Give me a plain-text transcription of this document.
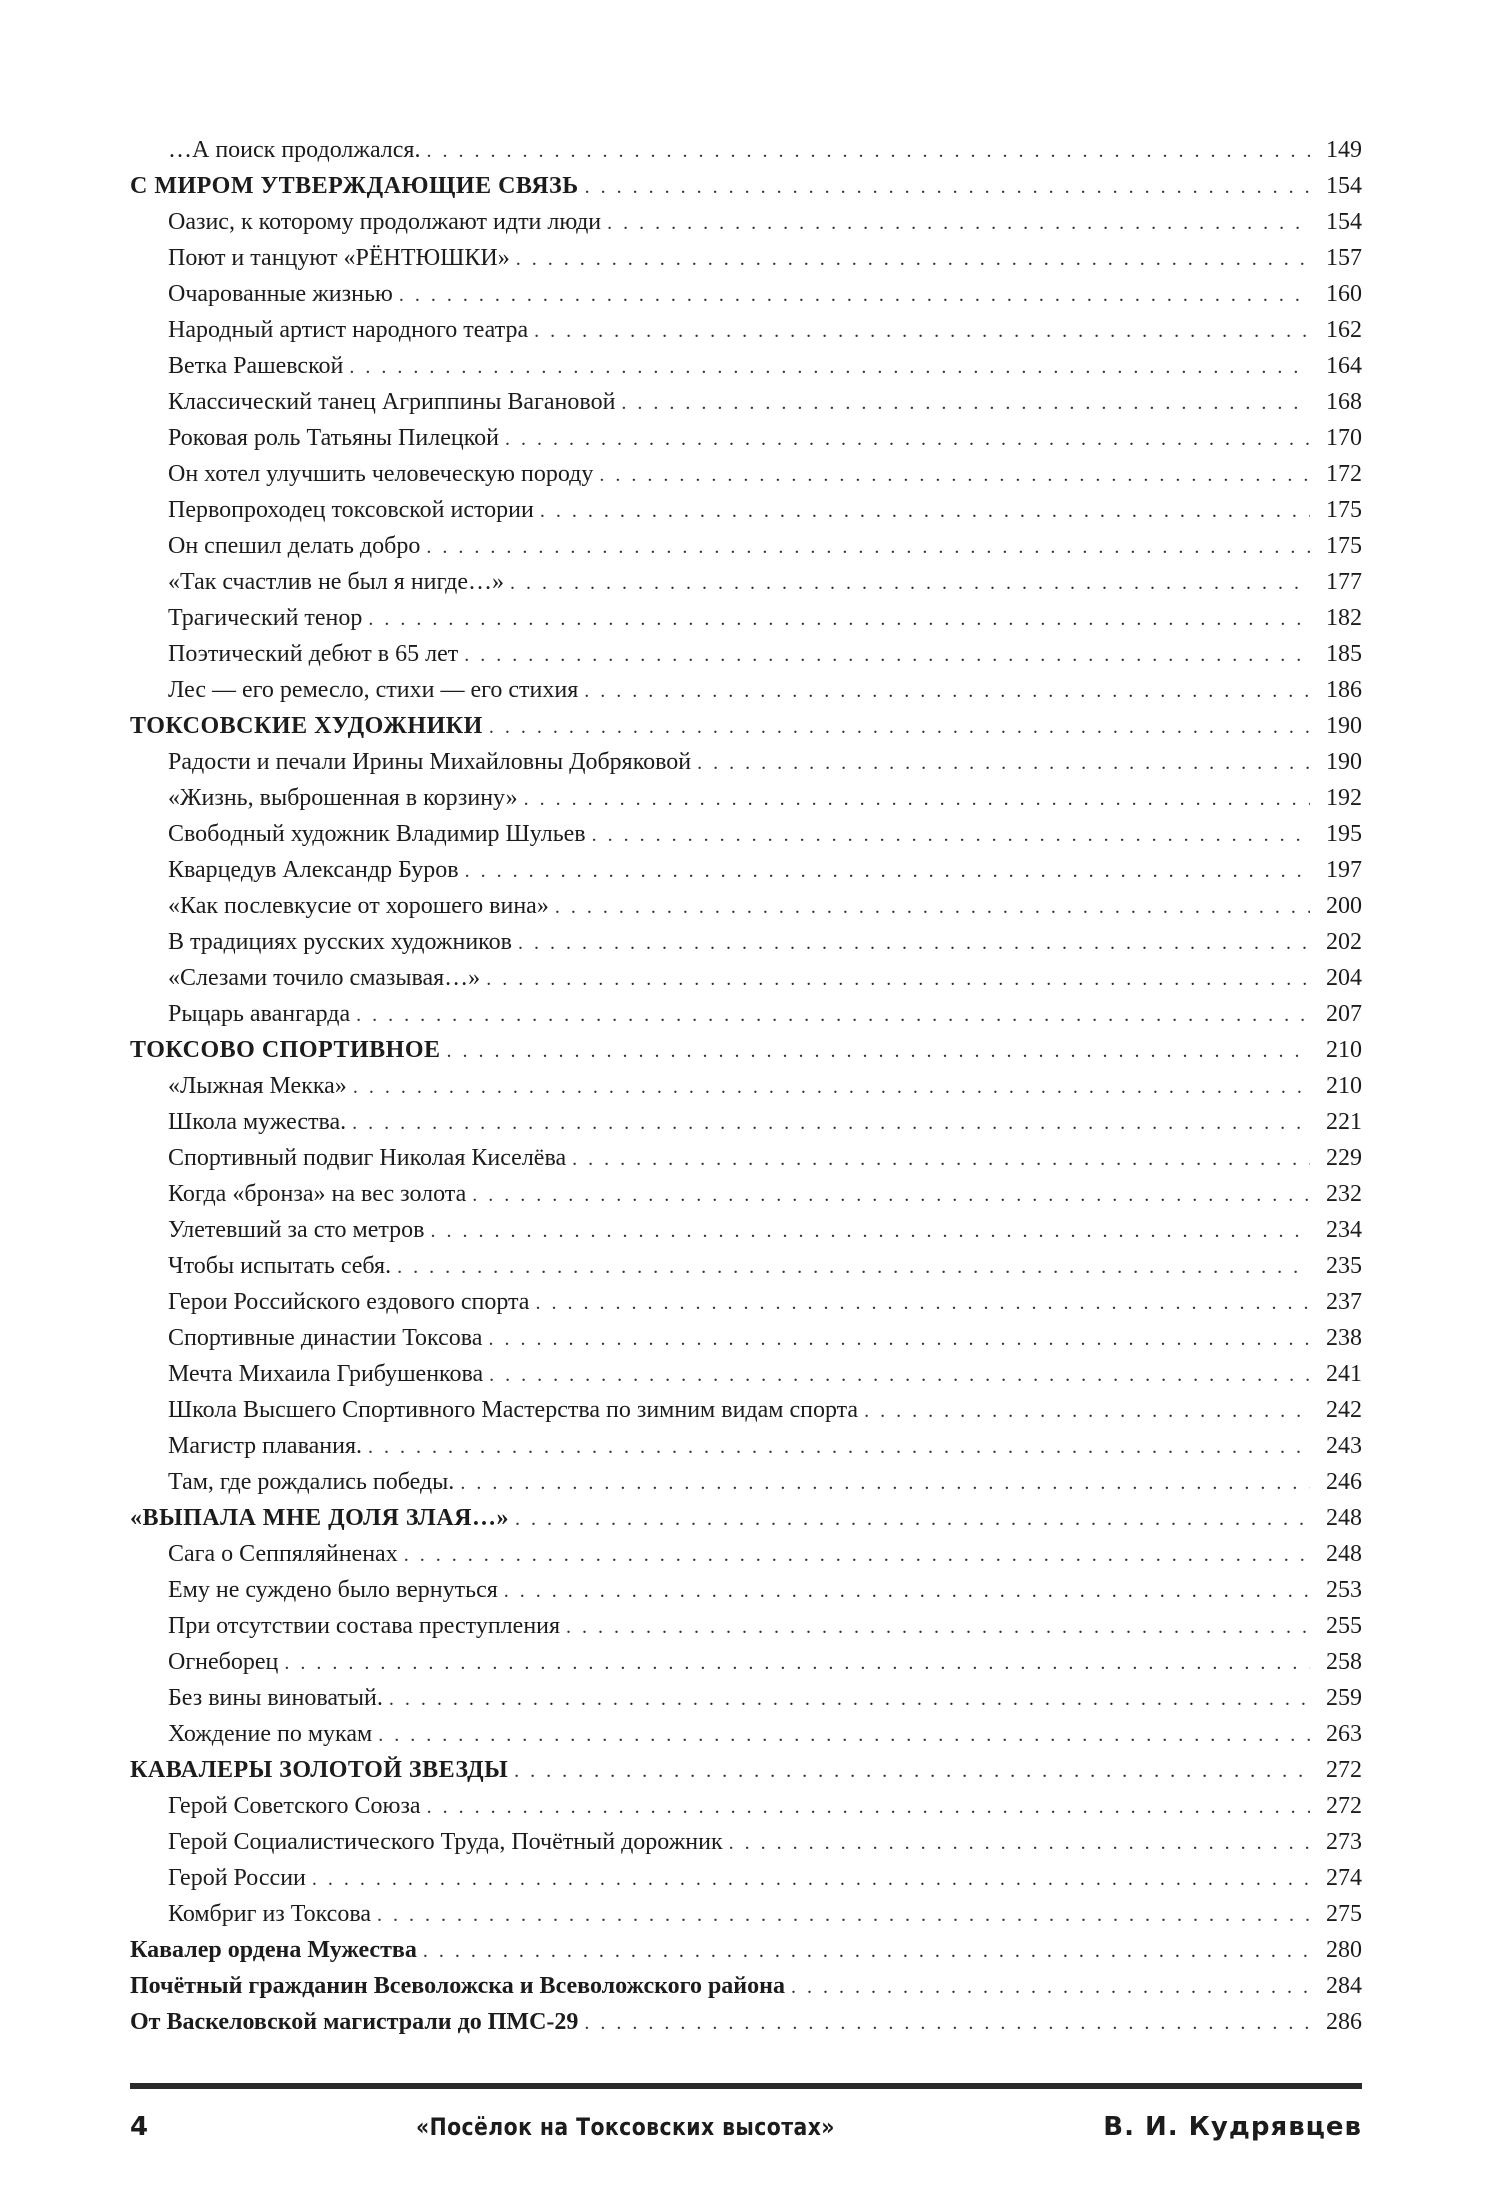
…А поиск продолжался. . . .	149
С МИРОМ УТВЕРЖДАЮЩИЕ СВЯЗЬ . . .	154
Оазис, к которому продолжают идти люди . . .	154
Поют и танцуют «РЁНТЮШКИ» . . .	157
Очарованные жизнью . . .	160
Народный артист народного театра . . .	162
Ветка Рашевской . . .	164
Классический танец Агриппины Вагановой . . .	168
Роковая роль Татьяны Пилецкой . . .	170
Он хотел улучшить человеческую породу . . .	172
Первопроходец токсовской истории . . .	175
Он спешил делать добро . . .	175
«Так счастлив не был я нигде…» . . .	177
Трагический тенор . . .	182
Поэтический дебют в 65 лет . . .	185
Лес — его ремесло, стихи — его стихия . . .	186
ТОКСОВСКИЕ ХУДОЖНИКИ . . .	190
Радости и печали Ирины Михайловны Добряковой . . .	190
«Жизнь, выброшенная в корзину» . . .	192
Свободный художник Владимир Шульев . . .	195
Кварцедув Александр Буров . . .	197
«Как послевкусие от хорошего вина» . . .	200
В традициях русских художников . . .	202
«Слезами точило смазывая…» . . .	204
Рыцарь авангарда . . .	207
ТОКСОВО СПОРТИВНОЕ . . .	210
«Лыжная Мекка» . . .	210
Школа мужества. . . .	221
Спортивный подвиг Николая Киселёва . . .	229
Когда «бронза» на вес золота . . .	232
Улетевший за сто метров . . .	234
Чтобы испытать себя. . . .	235
Герои Российского ездового спорта . . .	237
Спортивные династии Токсова . . .	238
Мечта Михаила Грибушенкова . . .	241
Школа Высшего Спортивного Мастерства по зимним видам спорта . . .	242
Магистр плавания. . . .	243
Там, где рождались победы. . . .	246
«ВЫПАЛА МНЕ ДОЛЯ ЗЛАЯ…» . . .	248
Сага о Сеппяляйненах . . .	248
Ему не суждено было вернуться . . .	253
При отсутствии состава преступления . . .	255
Огнеборец . . .	258
Без вины виноватый. . . .	259
Хождение по мукам . . .	263
КАВАЛЕРЫ ЗОЛОТОЙ ЗВЕЗДЫ . . .	272
Герой Советского Союза . . .	272
Герой Социалистического Труда, Почётный дорожник . . .	273
Герой России . . .	274
Комбриг из Токсова . . .	275
Кавалер ордена Мужества . . .	280
Почётный гражданин Всеволожска и Всеволожского района . . .	284
От Васкеловской магистрали до ПМС-29 . . .	286
4	«Посёлок на Токсовских высотах»	В. И. Кудрявцев
